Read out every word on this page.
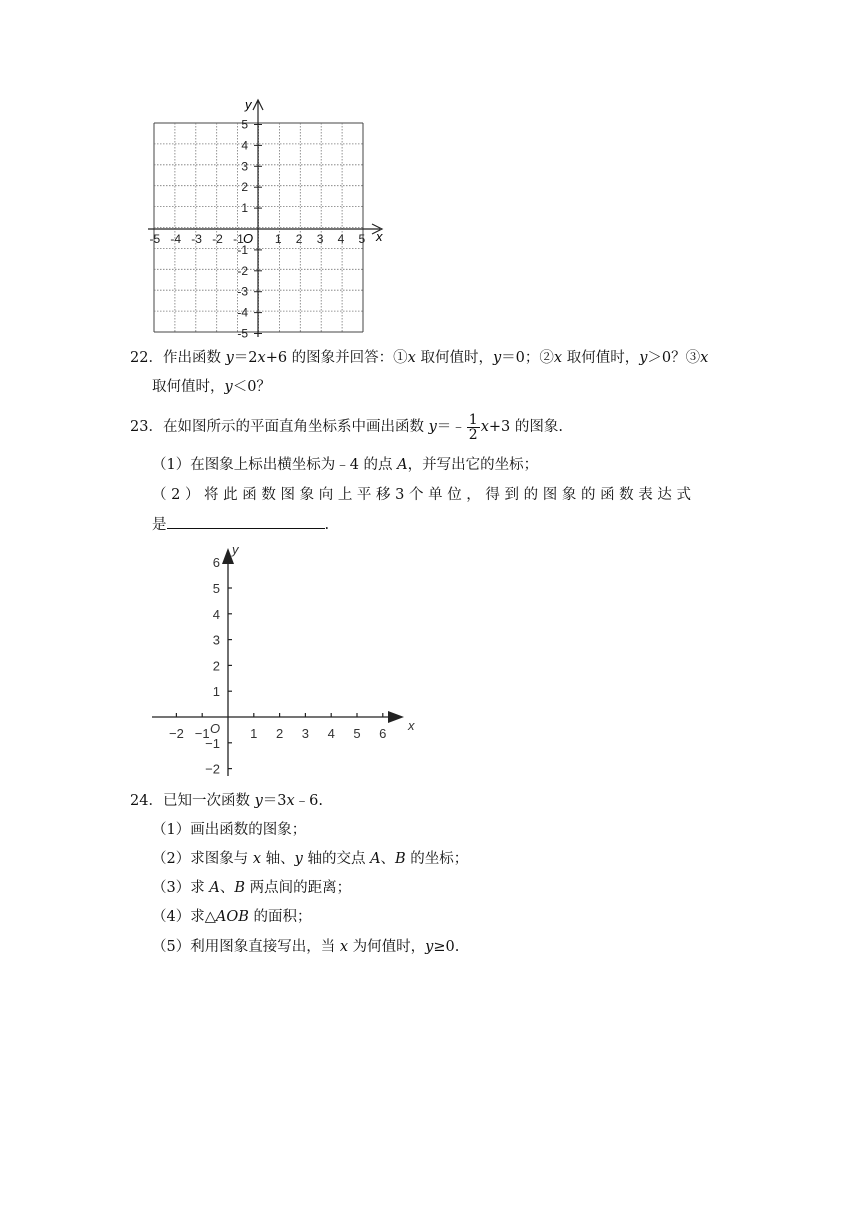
x
y
O
-5 -4 -3 -2 -1	1 2 3 4 5
5
4
3
2
1
-1
-2
-3
-4
-5
22．作出函数 y＝2x+6 的图象并回答：①x 取何值时，y＝0；②x 取何值时，y＞0？③x
取何值时，y＜0？
23．在如图所示的平面直角坐标系中画出函数 y＝﹣ $\frac{1}{2} x+3$ 的图象.
（1）在图象上标出横坐标为﹣4 的点 A，并写出它的坐标；
（ 2 ） 将 此 函 数 图 象 向 上 平 移 3 个 单 位 ， 得 到 的 图 象 的 函 数 表 达 式
是	.
x
y
O
−2 −1	1 2 3 4 5 6
6
5
4
3
2
1
−1
−2
24．已知一次函数 y＝3x﹣6.
（1）画出函数的图象；
（2）求图象与 x 轴、y 轴的交点 A、B 的坐标；
（3）求 A、B 两点间的距离；
（4）求△AOB 的面积；
（5）利用图象直接写出，当 x 为何值时，y≥0.
